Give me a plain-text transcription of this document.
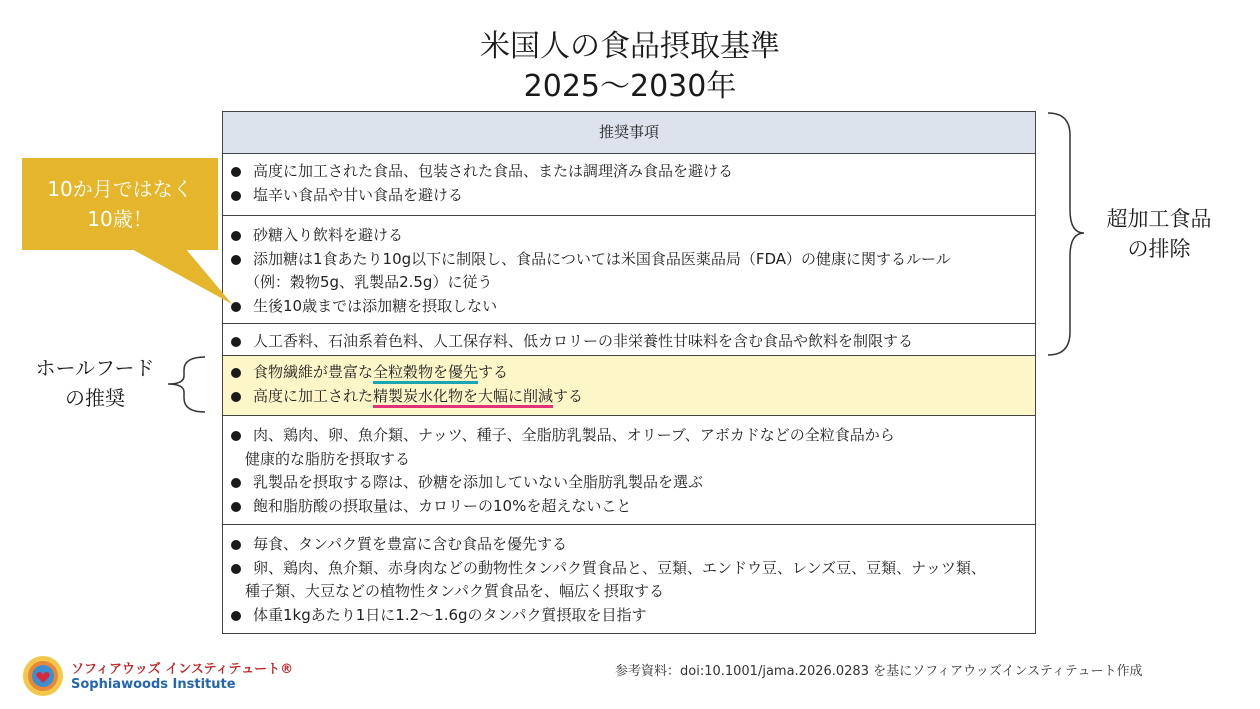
米国人の食品摂取基準
2025〜2030年
推奨事項
高度に加工された食品、包装された食品、または調理済み食品を避ける
塩辛い食品や甘い食品を避ける
砂糖入り飲料を避ける
添加糖は1食あたり10g以下に制限し、食品については米国食品医薬品局（FDA）の健康に関するルール
（例：穀物5g、乳製品2.5g）に従う
生後10歳までは添加糖を摂取しない
人工香料、石油系着色料、人工保存料、低カロリーの非栄養性甘味料を含む食品や飲料を制限する
食物繊維が豊富な全粒穀物を優先する
高度に加工された精製炭水化物を大幅に削減する
肉、鶏肉、卵、魚介類、ナッツ、種子、全脂肪乳製品、オリーブ、アボカドなどの全粒食品から
健康的な脂肪を摂取する
乳製品を摂取する際は、砂糖を添加していない全脂肪乳製品を選ぶ
飽和脂肪酸の摂取量は、カロリーの10%を超えないこと
毎食、タンパク質を豊富に含む食品を優先する
卵、鶏肉、魚介類、赤身肉などの動物性タンパク質食品と、豆類、エンドウ豆、レンズ豆、豆類、ナッツ類、
種子類、大豆などの植物性タンパク質食品を、幅広く摂取する
体重1kgあたり1日に1.2〜1.6gのタンパク質摂取を目指す
10か月ではなく
10歳！	超加工食品
の排除
ホールフード
の推奨
ソフィアウッズ インスティテュート®
Sophiawoods Institute
参考資料：doi:10.1001/jama.2026.0283 を基にソフィアウッズインスティテュート作成
